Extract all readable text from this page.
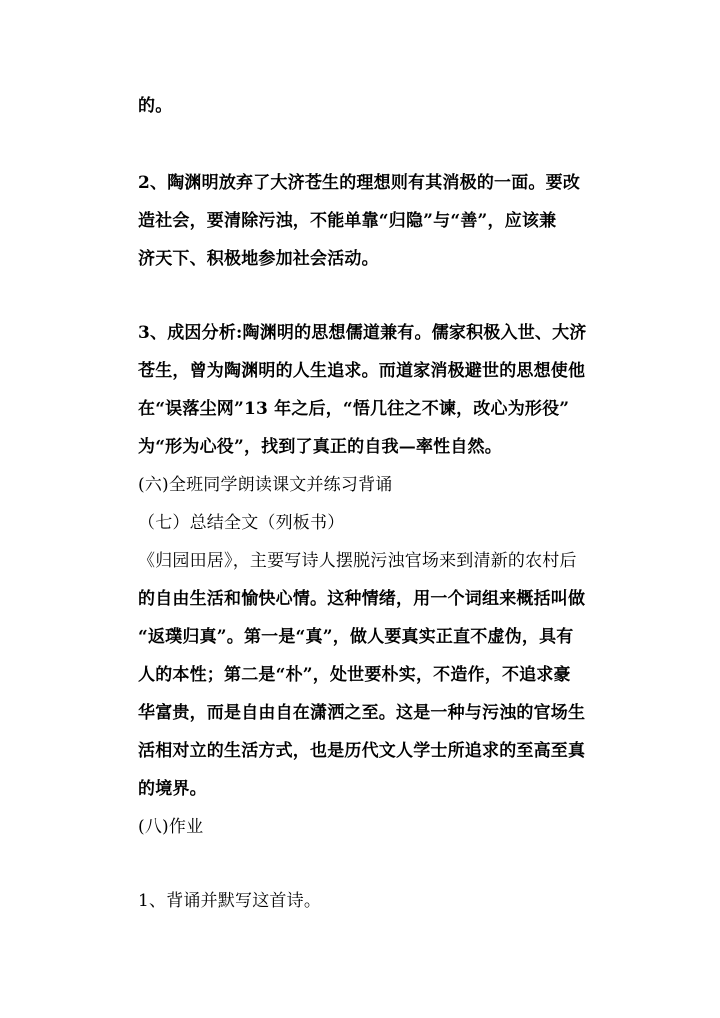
的。
2、陶渊明放弃了大济苍生的理想则有其消极的一面。要改
造社会，要清除污浊，不能单靠“归隐”与“善”，应该兼
济天下、积极地参加社会活动。
3、成因分析:陶渊明的思想儒道兼有。儒家积极入世、大济
苍生，曾为陶渊明的人生追求。而道家消极避世的思想使他
在“误落尘网”13 年之后，“悟几往之不谏，改心为形役”
为“形为心役”，找到了真正的自我—率性自然。
(六)全班同学朗读课文并练习背诵
（七）总结全文（列板书）
《归园田居》，主要写诗人摆脱污浊官场来到清新的农村后
的自由生活和愉快心情。这种情绪，用一个词组来概括叫做
“返璞归真”。第一是“真”，做人要真实正直不虚伪，具有
人的本性；第二是“朴”，处世要朴实，不造作，不追求豪
华富贵，而是自由自在潇洒之至。这是一种与污浊的官场生
活相对立的生活方式，也是历代文人学士所追求的至高至真
的境界。
(八)作业
1、背诵并默写这首诗。
